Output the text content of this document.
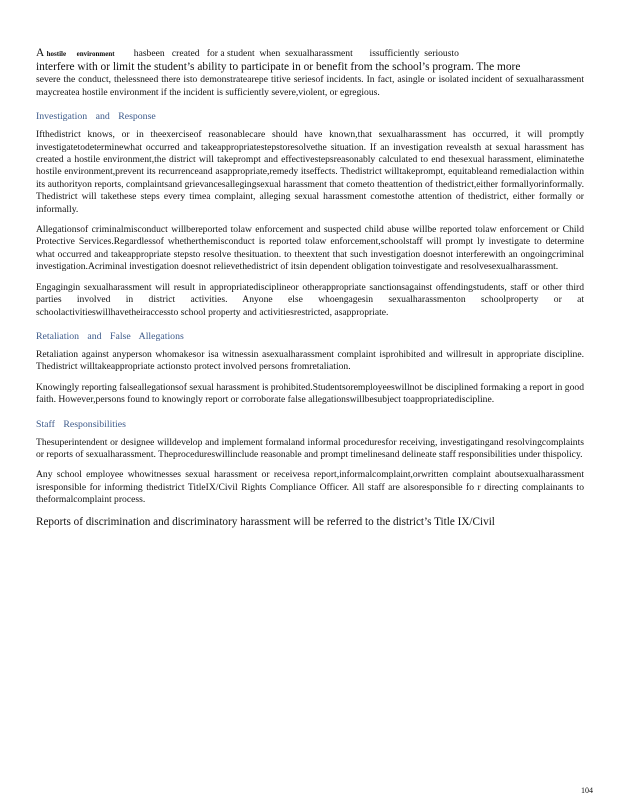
A hostile      environment        hasbeen   created   for a student  when  sexualharassment       issufficiently  seriousto
interfere with or limit the student’s ability to participate in or benefit from the school’s program. The more
severe the conduct, thelessneed there isto demonstratearepe titive seriesof incidents. In fact, asingle or isolated incident of sexualharassment maycreatea hostile environment if the incident is sufficiently severe,violent, or egregious.
Investigation and Response

Ifthedistrict knows, or in theexerciseof reasonablecare should have known,that sexualharassment has occurred, it will promptly investigatetodeterminewhat occurred and takeappropriatestepstoresolvethe situation. If an investigation revealsth at sexual harassment has created a hostile environment,the district will takeprompt and effectivestepsreasonably calculated to end thesexual harassment, eliminatethe hostile environment,prevent its recurrenceand asappropriate,remedy itseffects. Thedistrict willtakeprompt, equitableand remedialaction within its authorityon reports, complaintsand grievancesallegingsexual harassment that cometo theattention of thedistrict,either formallyorinformally. Thedistrict will takethese steps every timea complaint, alleging sexual harassment comestothe attention of thedistrict, either formally or informally.

Allegationsof criminalmisconduct willbereported tolaw enforcement and suspected child abuse willbe reported tolaw enforcement or Child Protective Services.Regardlessof whetherthemisconduct is reported tolaw enforcement,schoolstaff will prompt ly investigate to determine what occurred and takeappropriate stepsto resolve thesituation. to theextent that such investigation doesnot interferewith an ongoingcriminal investigation.Acriminal investigation doesnot relievethedistrict of itsin dependent obligation toinvestigate and resolvesexualharassment.

Engagingin sexualharassment will result in appropriatedisciplineor otherappropriate sanctionsagainst offendingstudents, staff or other third parties involved in district activities. Anyone else whoengagesin sexualharassmenton schoolproperty or at schoolactivitieswillhavetheiraccessto school property and activitiesrestricted, asappropriate.

Retaliation and False Allegations

Retaliation against anyperson whomakesor isa witnessin asexualharassment complaint isprohibited and willresult in appropriate discipline. Thedistrict willtakeappropriate actionsto protect involved persons fromretaliation.

Knowingly reporting falseallegationsof sexual harassment is prohibited.Studentsoremployeeswillnot be disciplined formaking a report in good faith. However,persons found to knowingly report or corroborate false allegationswillbesubject toappropriatediscipline.

Staff Responsibilities

Thesuperintendent or designee willdevelop and implement formaland informal proceduresfor receiving, investigatingand resolvingcomplaints or reports of sexualharassment. Theprocedureswillinclude reasonable and prompt timelinesand delineate staff responsibilities under thispolicy.

Any school employee whowitnesses sexual harassment or receivesa report,informalcomplaint,orwritten complaint aboutsexualharassment isresponsible for informing thedistrict TitleIX/Civil Rights Compliance Officer. All staff are alsoresponsible fo r directing complainants to theformalcomplaint process.

Reports of discrimination and discriminatory harassment will be referred to the district’s Title IX/Civil
104
